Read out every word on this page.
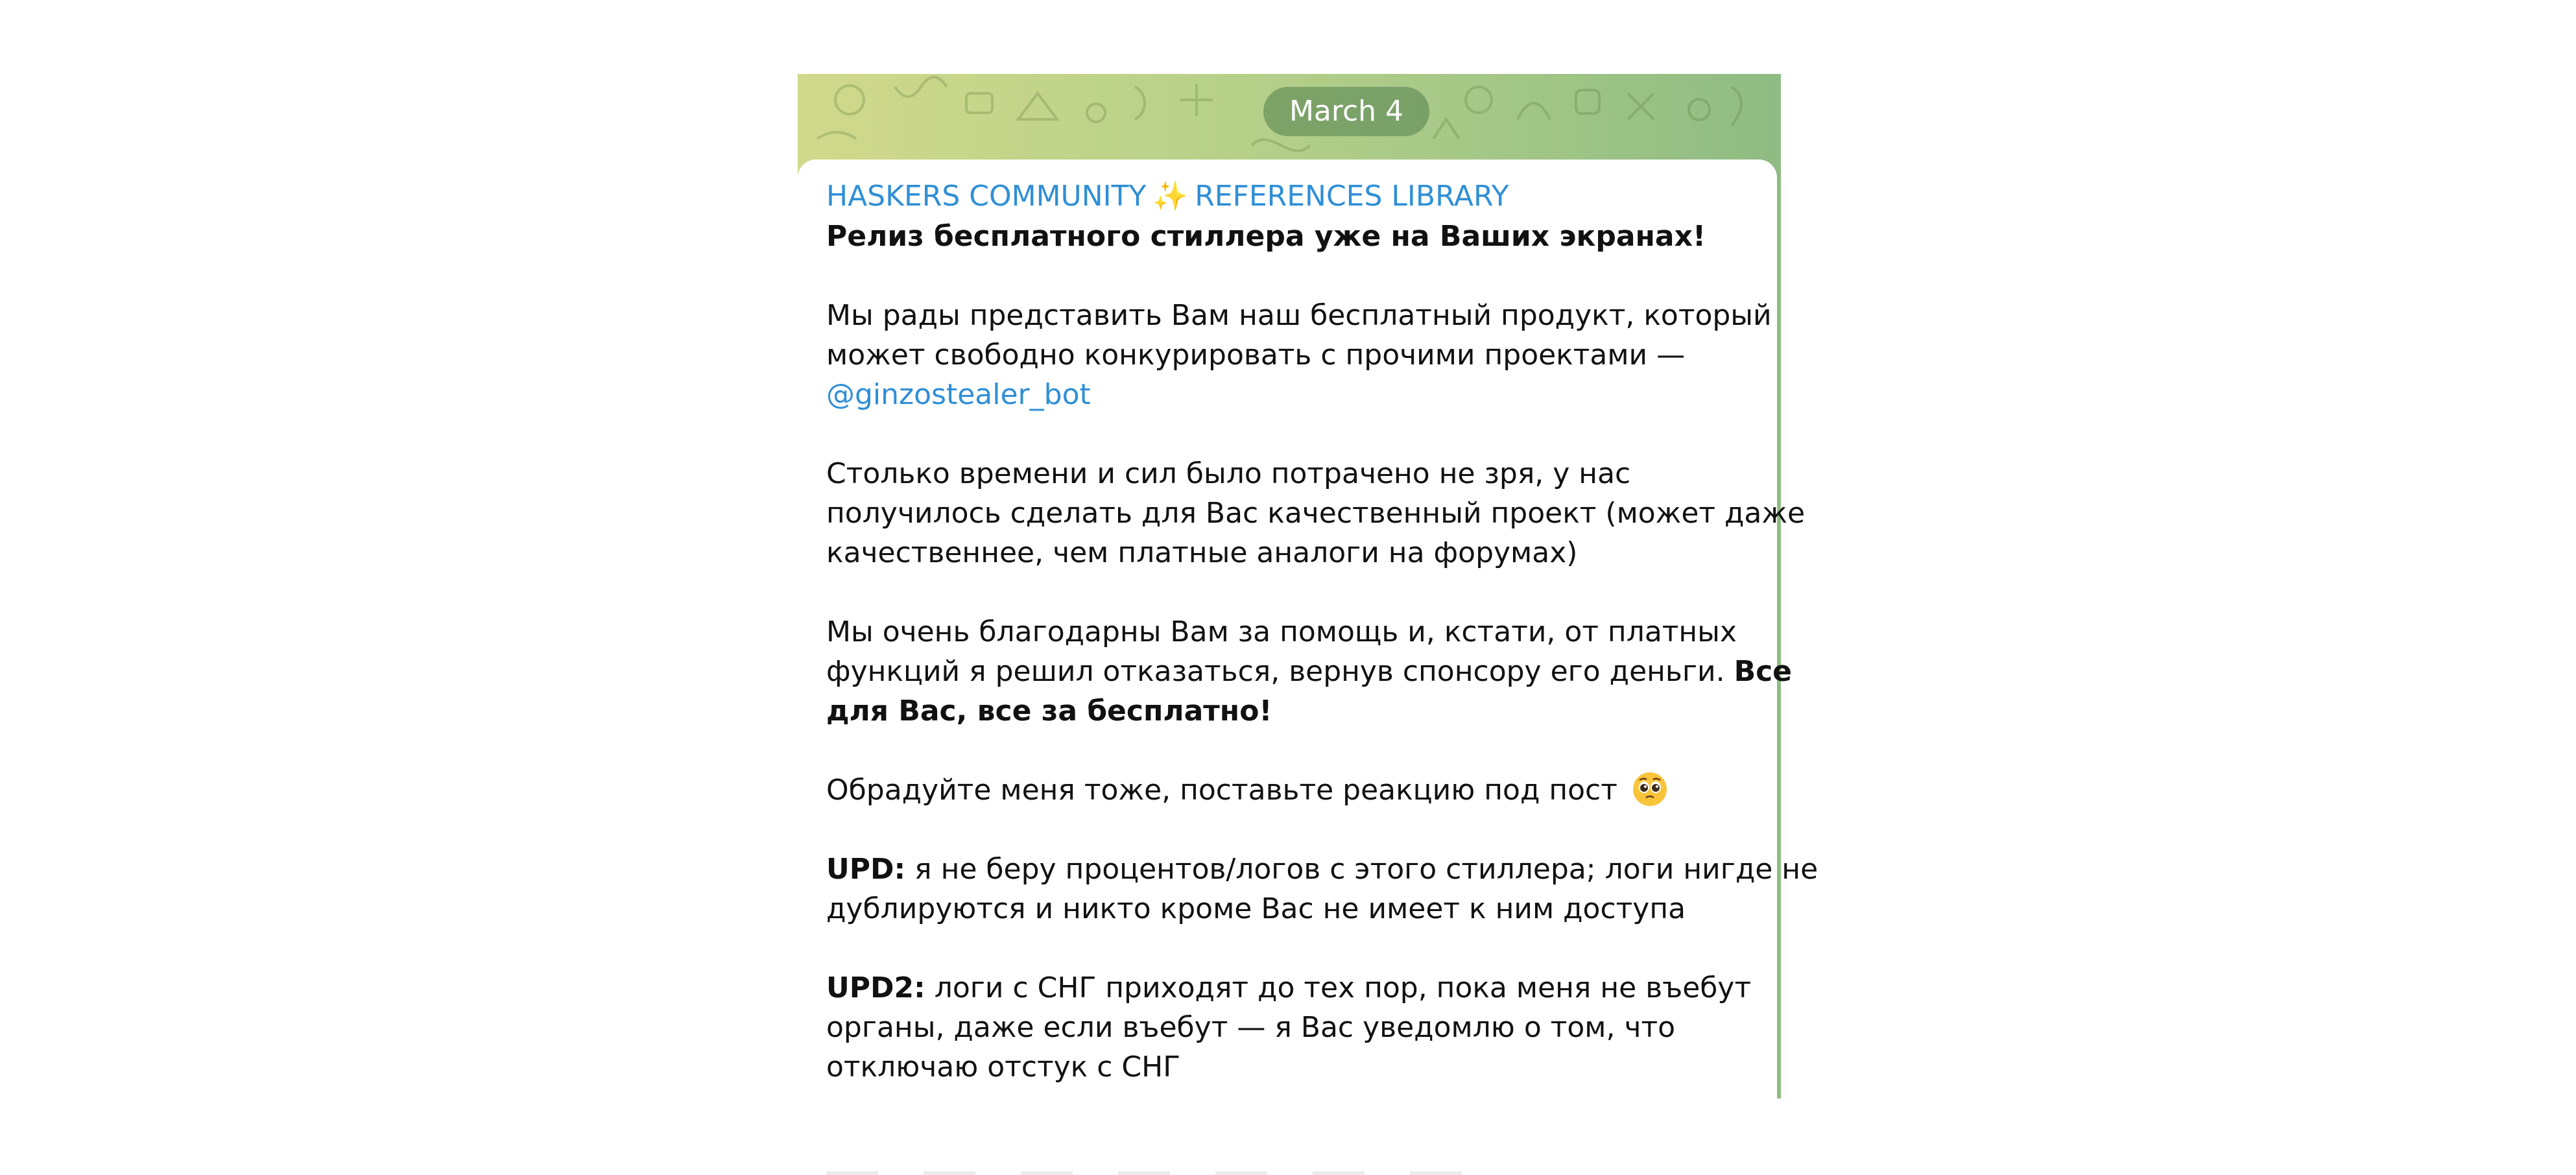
March 4
HASKERS COMMUNITY ✨ REFERENCES LIBRARY
Релиз бесплатного стиллера уже на Ваших экранах!
Мы рады представить Вам наш бесплатный продукт, который
может свободно конкурировать с прочими проектами —
@ginzostealer_bot
Столько времени и сил было потрачено не зря, у нас
получилось сделать для Вас качественный проект (может даже
качественнее, чем платные аналоги на форумах)
Мы очень благодарны Вам за помощь и, кстати, от платных
функций я решил отказаться, вернув спонсору его деньги. Все
для Вас, все за бесплатно!
Обрадуйте меня тоже, поставьте реакцию под пост
UPD: я не беру процентов/логов с этого стиллера; логи нигде не
дублируются и никто кроме Вас не имеет к ним доступа
UPD2: логи с СНГ приходят до тех пор, пока меня не въебут
органы, даже если въебут — я Вас уведомлю о том, что
отключаю отстук с СНГ
